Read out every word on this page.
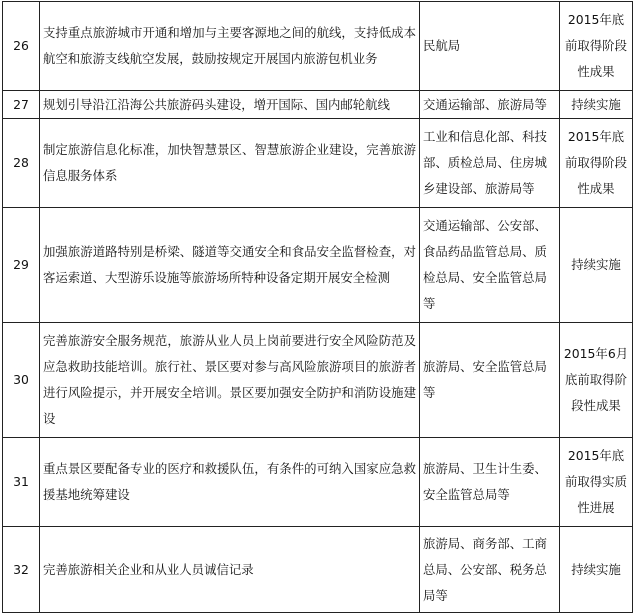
26	支持重点旅游城市开通和增加与主要客源地之间的航线，支持低成本航空和旅游支线航空发展，鼓励按规定开展国内旅游包机业务	民航局	2015年底前取得阶段性成果
27	规划引导沿江沿海公共旅游码头建设，增开国际、国内邮轮航线	交通运输部、旅游局等	持续实施
28	制定旅游信息化标准，加快智慧景区、智慧旅游企业建设，完善旅游信息服务体系	工业和信息化部、科技部、质检总局、住房城乡建设部、旅游局等	2015年底前取得阶段性成果
29	加强旅游道路特别是桥梁、隧道等交通安全和食品安全监督检查，对客运索道、大型游乐设施等旅游场所特种设备定期开展安全检测	交通运输部、公安部、食品药品监管总局、质检总局、安全监管总局等	持续实施
30	完善旅游安全服务规范，旅游从业人员上岗前要进行安全风险防范及应急救助技能培训。旅行社、景区要对参与高风险旅游项目的旅游者进行风险提示，并开展安全培训。景区要加强安全防护和消防设施建设	旅游局、安全监管总局等	2015年6月底前取得阶段性成果
31	重点景区要配备专业的医疗和救援队伍，有条件的可纳入国家应急救援基地统筹建设	旅游局、卫生计生委、安全监管总局等	2015年底前取得实质性进展
32	完善旅游相关企业和从业人员诚信记录	旅游局、商务部、工商总局、公安部、税务总局等	持续实施
